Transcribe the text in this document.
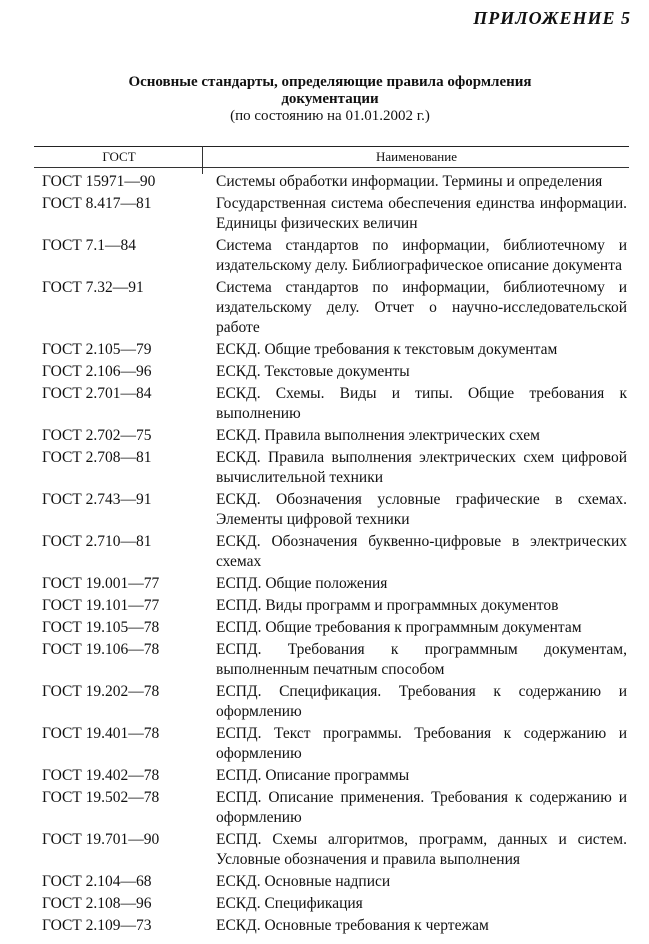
ПРИЛОЖЕНИЕ 5
Основные стандарты, определяющие правила оформления документации
(по состоянию на 01.01.2002 г.)
ГОСТ	Наименование
ГОСТ 15971—90	Системы обработки информации. Термины и определения
ГОСТ 8.417—81	Государственная система обеспечения единства информации. Единицы физических величин
ГОСТ 7.1—84	Система стандартов по информации, библиотечному и издательскому делу. Библиографическое описание документа
ГОСТ 7.32—91	Система стандартов по информации, библиотечному и издательскому делу. Отчет о научно-исследовательской работе
ГОСТ 2.105—79	ЕСКД. Общие требования к текстовым документам
ГОСТ 2.106—96	ЕСКД. Текстовые документы
ГОСТ 2.701—84	ЕСКД. Схемы. Виды и типы. Общие требования к выполнению
ГОСТ 2.702—75	ЕСКД. Правила выполнения электрических схем
ГОСТ 2.708—81	ЕСКД. Правила выполнения электрических схем цифровой вычислительной техники
ГОСТ 2.743—91	ЕСКД. Обозначения условные графические в схемах. Элементы цифровой техники
ГОСТ 2.710—81	ЕСКД. Обозначения буквенно-цифровые в электрических схемах
ГОСТ 19.001—77	ЕСПД. Общие положения
ГОСТ 19.101—77	ЕСПД. Виды программ и программных документов
ГОСТ 19.105—78	ЕСПД. Общие требования к программным документам
ГОСТ 19.106—78	ЕСПД. Требования к программным документам, выполненным печатным способом
ГОСТ 19.202—78	ЕСПД. Спецификация. Требования к содержанию и оформлению
ГОСТ 19.401—78	ЕСПД. Текст программы. Требования к содержанию и оформлению
ГОСТ 19.402—78	ЕСПД. Описание программы
ГОСТ 19.502—78	ЕСПД. Описание применения. Требования к содержанию и оформлению
ГОСТ 19.701—90	ЕСПД. Схемы алгоритмов, программ, данных и систем. Условные обозначения и правила выполнения
ГОСТ 2.104—68	ЕСКД. Основные надписи
ГОСТ 2.108—96	ЕСКД. Спецификация
ГОСТ 2.109—73	ЕСКД. Основные требования к чертежам
